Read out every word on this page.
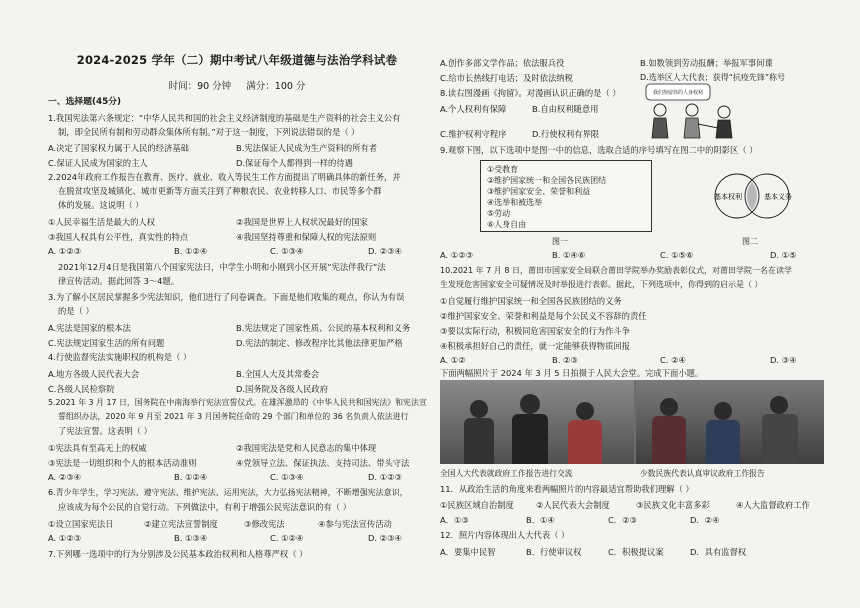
2024-2025 学年（二）期中考试八年级道德与法治学科试卷
时间：90 分钟 满分：100 分
一、选择题(45分)
1.我国宪法第六条规定：“中华人民共和国的社会主义经济制度的基础是生产资料的社会主义公有
制，即全民所有制和劳动群众集体所有制。”对于这一制度，下列说法错误的是（ ）
A.决定了国家权力属于人民的经济基础	B.宪法保证人民成为生产资料的所有者
C.保证人民成为国家的主人	D.保证每个人都得到一样的待遇
2.2024年政府工作报告在教育、医疗、就业、收入等民生工作方面提出了明确具体的新任务，并
在脱贫攻坚及城镇化、城市更新等方面关注到了种粮农民、农业转移人口、市民等多个群
体的发展。这说明（ ）
①人民幸福生活是最大的人权	②我国是世界上人权状况最好的国家
③我国人权具有公平性，真实性的特点	④我国坚持尊重和保障人权的宪法原则
A. ①②③	B. ①②④	C. ①③④	D. ②③④
2021年12月4日是我国第八个国家宪法日，中学生小明和小刚到小区开展“宪法伴我行”法
律宣传活动。据此回答 3～4题。
3.为了解小区居民掌握多少宪法知识，他们进行了问卷调查。下面是他们收集的观点，你认为有误
的是（ ）
A.宪法是国家的根本法	B.宪法规定了国家性质、公民的基本权利和义务
C.宪法规定国家生活的所有问题	D.宪法的制定、修改程序比其他法律更加严格
4.行使监督宪法实施职权的机构是（ ）
A.地方各级人民代表大会	B.全国人大及其常委会
C.各级人民检察院	D.国务院及各级人民政府
5.2021 年 3 月 17 日，国务院在中南海举行宪法宣誓仪式。在雄浑激昂的《中华人民共和国宪法》和宪法宣
誓组织办法，2020 年 9 月至 2021 年 3 月国务院任命的 29 个部门和单位的 36 名负责人依法进行
了宪法宣誓。这表明（ ）
①宪法具有至高无上的权威	②我国宪法是党和人民意志的集中体现
③宪法是一切组织和个人的根本活动准则	④党领导立法、保证执法、支持司法、带头守法
A. ②③④	B. ①②④	C. ①③④	D. ①②③
6.青少年学生，学习宪法、遵守宪法、维护宪法、运用宪法，大力弘扬宪法精神，不断增强宪法意识，
应该成为每个公民的自觉行动。下列做法中，有利于增强公民宪法意识的有（ ）
①设立国家宪法日	②建立宪法宣誓制度	③修改宪法	④参与宪法宣传活动
A. ①②③	B. ①③④	C. ①②④	D. ②③④
7.下列哪一选项中的行为分别涉及公民基本政治权利和人格尊严权（ ）
A.创作多部文学作品；依法服兵役	B.如数领到劳动报酬；举报军事间谍
C.给市长热线打电话；及时依法纳税	D.选举区人大代表；获得“抗疫先锋”称号
8.读右图漫画《拘留》。对漫画认识正确的是（ ）
A.个人权利有保障	B.自由权利随意用
我们拘留你的人身权利
C.维护权利守程序	D.行使权利有界限
9.观察下图，以下选项中是图一中的信息，选取合适的序号填写在图二中的阴影区（ ）
①受教育
②维护国家统一和全国各民族团结
③维护国家安全、荣誉和利益
④选举和被选举
⑤劳动
⑥人身自由
基本权利	基本义务
图一	图二
A. ①②③	B. ①④⑥	C. ①⑤⑥	D. ①⑤
10.2021 年 7 月 8 日，莆田市国家安全局联合莆田学院举办奖励表彰仪式，对莆田学院一名在读学
生发现危害国家安全可疑情况及时举报进行表彰。据此，下列选项中，你得到的启示是（ ）
①自觉履行维护国家统一和全国各民族团结的义务
②维护国家安全、荣誉和利益是每个公民义不容辞的责任
③要以实际行动，积极同危害国家安全的行为作斗争
④积极承担好自己的责任，就一定能够获得物质回报
A. ①②	B. ②③	C. ②④	D. ③④
下面两幅照片于 2024 年 3 月 5 日拍摄于人民大会堂。完成下面小题。
全国人大代表就政府工作报告进行交流	少数民族代表认真审议政府工作报告
11．从政治生活的角度来看两幅照片的内容最适宜帮助我们理解（ ）
①民族区域自治制度	②人民代表大会制度	③民族文化丰富多彩	④人大监督政府工作
A．①③	B．①④	C．②③	D．②④
12．照片内容体现出人大代表（ ）
A．要集中民智	B．行使审议权	C．积极提议案	D．具有监督权
